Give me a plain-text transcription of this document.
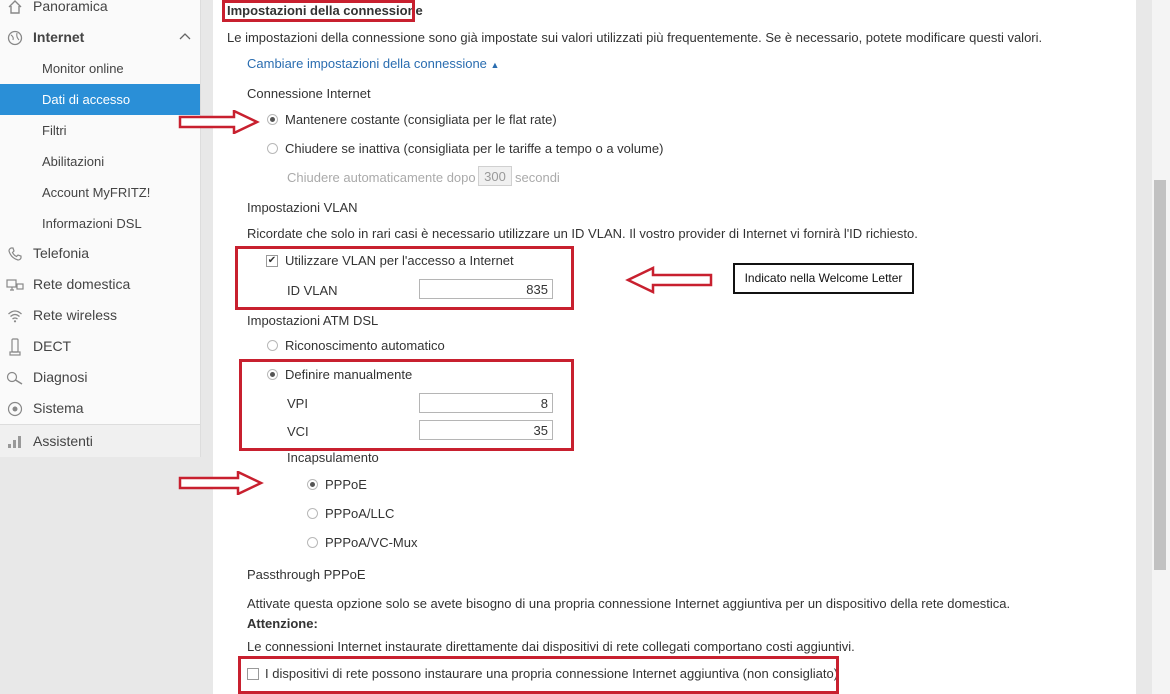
Panoramica
Internet
Monitor online
Dati di accesso
Filtri
Abilitazioni
Account MyFRITZ!
Informazioni DSL
Telefonia
Rete domestica
Rete wireless
DECT
Diagnosi
Sistema
Assistenti
Impostazioni della connessione
Le impostazioni della connessione sono già impostate sui valori utilizzati più frequentemente. Se è necessario, potete modificare questi valori.
Cambiare impostazioni della connessione ▲
Connessione Internet
Mantenere costante (consigliata per le flat rate)
Chiudere se inattiva (consigliata per le tariffe a tempo o a volume)
Chiudere automaticamente dopo
300	secondi
Impostazioni VLAN
Ricordate che solo in rari casi è necessario utilizzare un ID VLAN. Il vostro provider di Internet vi fornirà l'ID richiesto.
✔ Utilizzare VLAN per l'accesso a Internet
ID VLAN
835
Impostazioni ATM DSL
Riconoscimento automatico
Definire manualmente
VPI
8
VCI
35
Incapsulamento
PPPoE
PPPoA/LLC
PPPoA/VC-Mux
Passthrough PPPoE
Attivate questa opzione solo se avete bisogno di una propria connessione Internet aggiuntiva per un dispositivo della rete domestica.
Attenzione:
Le connessioni Internet instaurate direttamente dai dispositivi di rete collegati comportano costi aggiuntivi.
I dispositivi di rete possono instaurare una propria connessione Internet aggiuntiva (non consigliato)
Indicato nella Welcome Letter
